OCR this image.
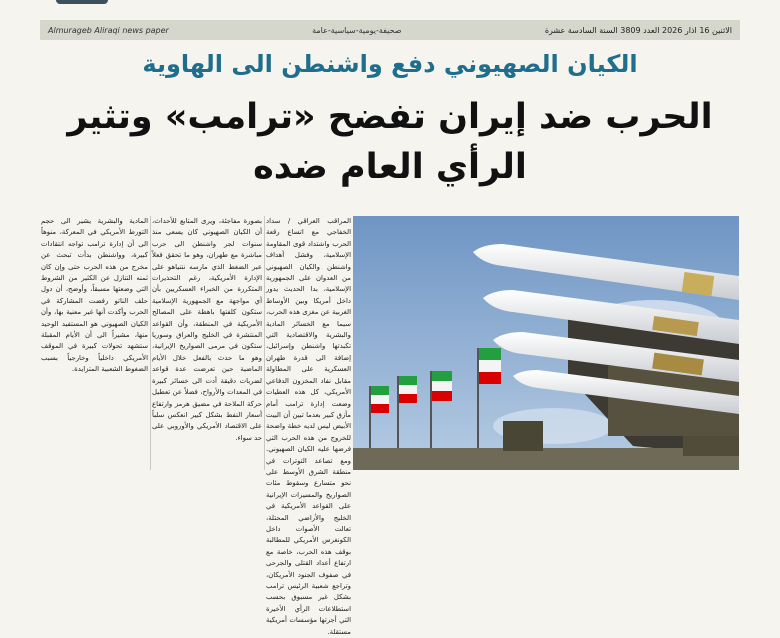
Almurageb Aliraqi news paper	صحيفة-يومية-سياسية-عامة	الاثنين 16 اذار 2026 العدد 3809 السنة السادسة عشرة
الكيان الصهيوني دفع واشنطن الى الهاوية
الحرب ضد إيران تفضح «ترامب» وتثير
الرأي العام ضده

المادية والبشرية يشير الى حجم التورط الأمريكي في المعركة، منوهاً الى أن إدارة ترامب تواجه انتقادات كبيرة، وواشنطن بدأت تبحث عن مخرج من هذه الحرب حتى وإن كان ثمنه التنازل عن الكثير من الشروط التي وضعتها مسبقاً، وأوضح، أن دول حلف الناتو رفضت المشاركة في الحرب وأكدت أنها غير معنية بها، وأن الكيان الصهيوني هو المستفيد الوحيد منها، مشيراً الى أن الأيام المقبلة ستشهد تحولات كبيرة في الموقف الأمريكي داخلياً وخارجياً بسبب الضغوط الشعبية المتزايدة.

بصورة مفاجئة، ويرى المتابع للأحداث، أن الكيان الصهيوني كان يسعى منذ سنوات لجر واشنطن الى حرب مباشرة مع طهران، وهو ما تحقق فعلاً عبر الضغط الذي مارسه نتنياهو على الإدارة الأمريكية، رغم التحذيرات المتكررة من الخبراء العسكريين بأن أي مواجهة مع الجمهورية الإسلامية ستكون كلفتها باهظة على المصالح الأمريكية في المنطقة، وأن القواعد المنتشرة في الخليج والعراق وسوريا ستكون في مرمى الصواريخ الإيرانية، وهو ما حدث بالفعل خلال الأيام الماضية حين تعرضت عدة قواعد لضربات دقيقة أدت الى خسائر كبيرة في المعدات والأرواح، فضلاً عن تعطيل حركة الملاحة في مضيق هرمز وارتفاع أسعار النفط بشكل كبير انعكس سلباً على الاقتصاد الأمريكي والأوروبي على حد سواء.

المراقب العراقي / سداد الخفاجي مع اتساع رقعة الحرب واشتداد قوى المقاومة الإسلامية، وفشل أهداف واشنطن والكيان الصهيوني من العدوان على الجمهورية الإسلامية، بدا الحديث يدور داخل أمريكا وبين الأوساط الغربية عن مغزى هذه الحرب، سيما مع الخسائر المادية والبشرية والاقتصادية التي تكبدتها واشنطن وإسرائيل، إضافة الى قدرة طهران العسكرية على المطاولة مقابل نفاد المخزون الدفاعي الأمريكي، كل هذه العطيات وضعت إدارة ترامب أمام مأزق كبير بعدما تبين أن البيت الأبيض ليس لديه خطة واضحة للخروج من هذه الحرب التي فرضها عليه الكيان الصهيوني. ومع تصاعد التوترات في منطقة الشرق الأوسط على نحو متسارع وسقوط مئات الصواريخ والمسيرات الإيرانية على القواعد الأمريكية في الخليج والأراضي المحتلة، تعالت الأصوات داخل الكونغرس الأمريكي للمطالبة بوقف هذه الحرب، خاصة مع ارتفاع أعداد القتلى والجرحى في صفوف الجنود الأمريكان، وتراجع شعبية الرئيس ترامب بشكل غير مسبوق بحسب استطلاعات الرأي الأخيرة التي أجرتها مؤسسات أمريكية مستقلة.
